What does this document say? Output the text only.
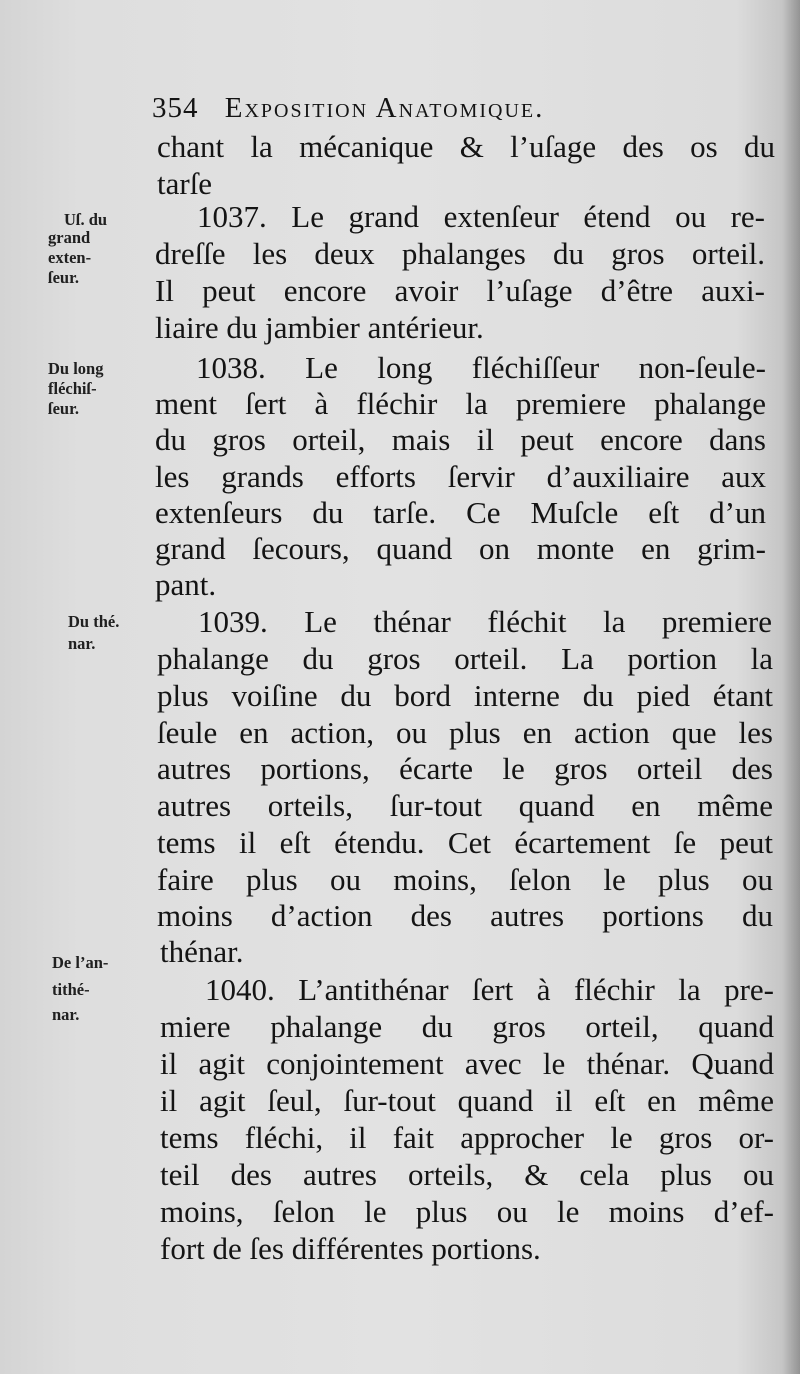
354 Exposition Anatomique.
Uſ. du
grand
exten-
ſeur.
Du long
fléchiſ-
ſeur.
Du thé.
nar.
De l’an-
tithé-
nar.
chant la mécanique & l’uſage des os du
tarſe
1037. Le grand extenſeur étend ou re-
dreſſe les deux phalanges du gros orteil.
Il peut encore avoir l’uſage d’être auxi-
liaire du jambier antérieur.
1038. Le long fléchiſſeur non-ſeule-
ment ſert à fléchir la premiere phalange
du gros orteil, mais il peut encore dans
les grands efforts ſervir d’auxiliaire aux
extenſeurs du tarſe. Ce Muſcle eſt d’un
grand ſecours, quand on monte en grim-
pant.
1039. Le thénar fléchit la premiere
phalange du gros orteil. La portion la
plus voiſine du bord interne du pied étant
ſeule en action, ou plus en action que les
autres portions, écarte le gros orteil des
autres orteils, ſur-tout quand en même
tems il eſt étendu. Cet écartement ſe peut
faire plus ou moins, ſelon le plus ou
moins d’action des autres portions du
thénar.
1040. L’antithénar ſert à fléchir la pre-
miere phalange du gros orteil, quand
il agit conjointement avec le thénar. Quand
il agit ſeul, ſur-tout quand il eſt en même
tems fléchi, il fait approcher le gros or-
teil des autres orteils, & cela plus ou
moins, ſelon le plus ou le moins d’ef-
fort de ſes différentes portions.
